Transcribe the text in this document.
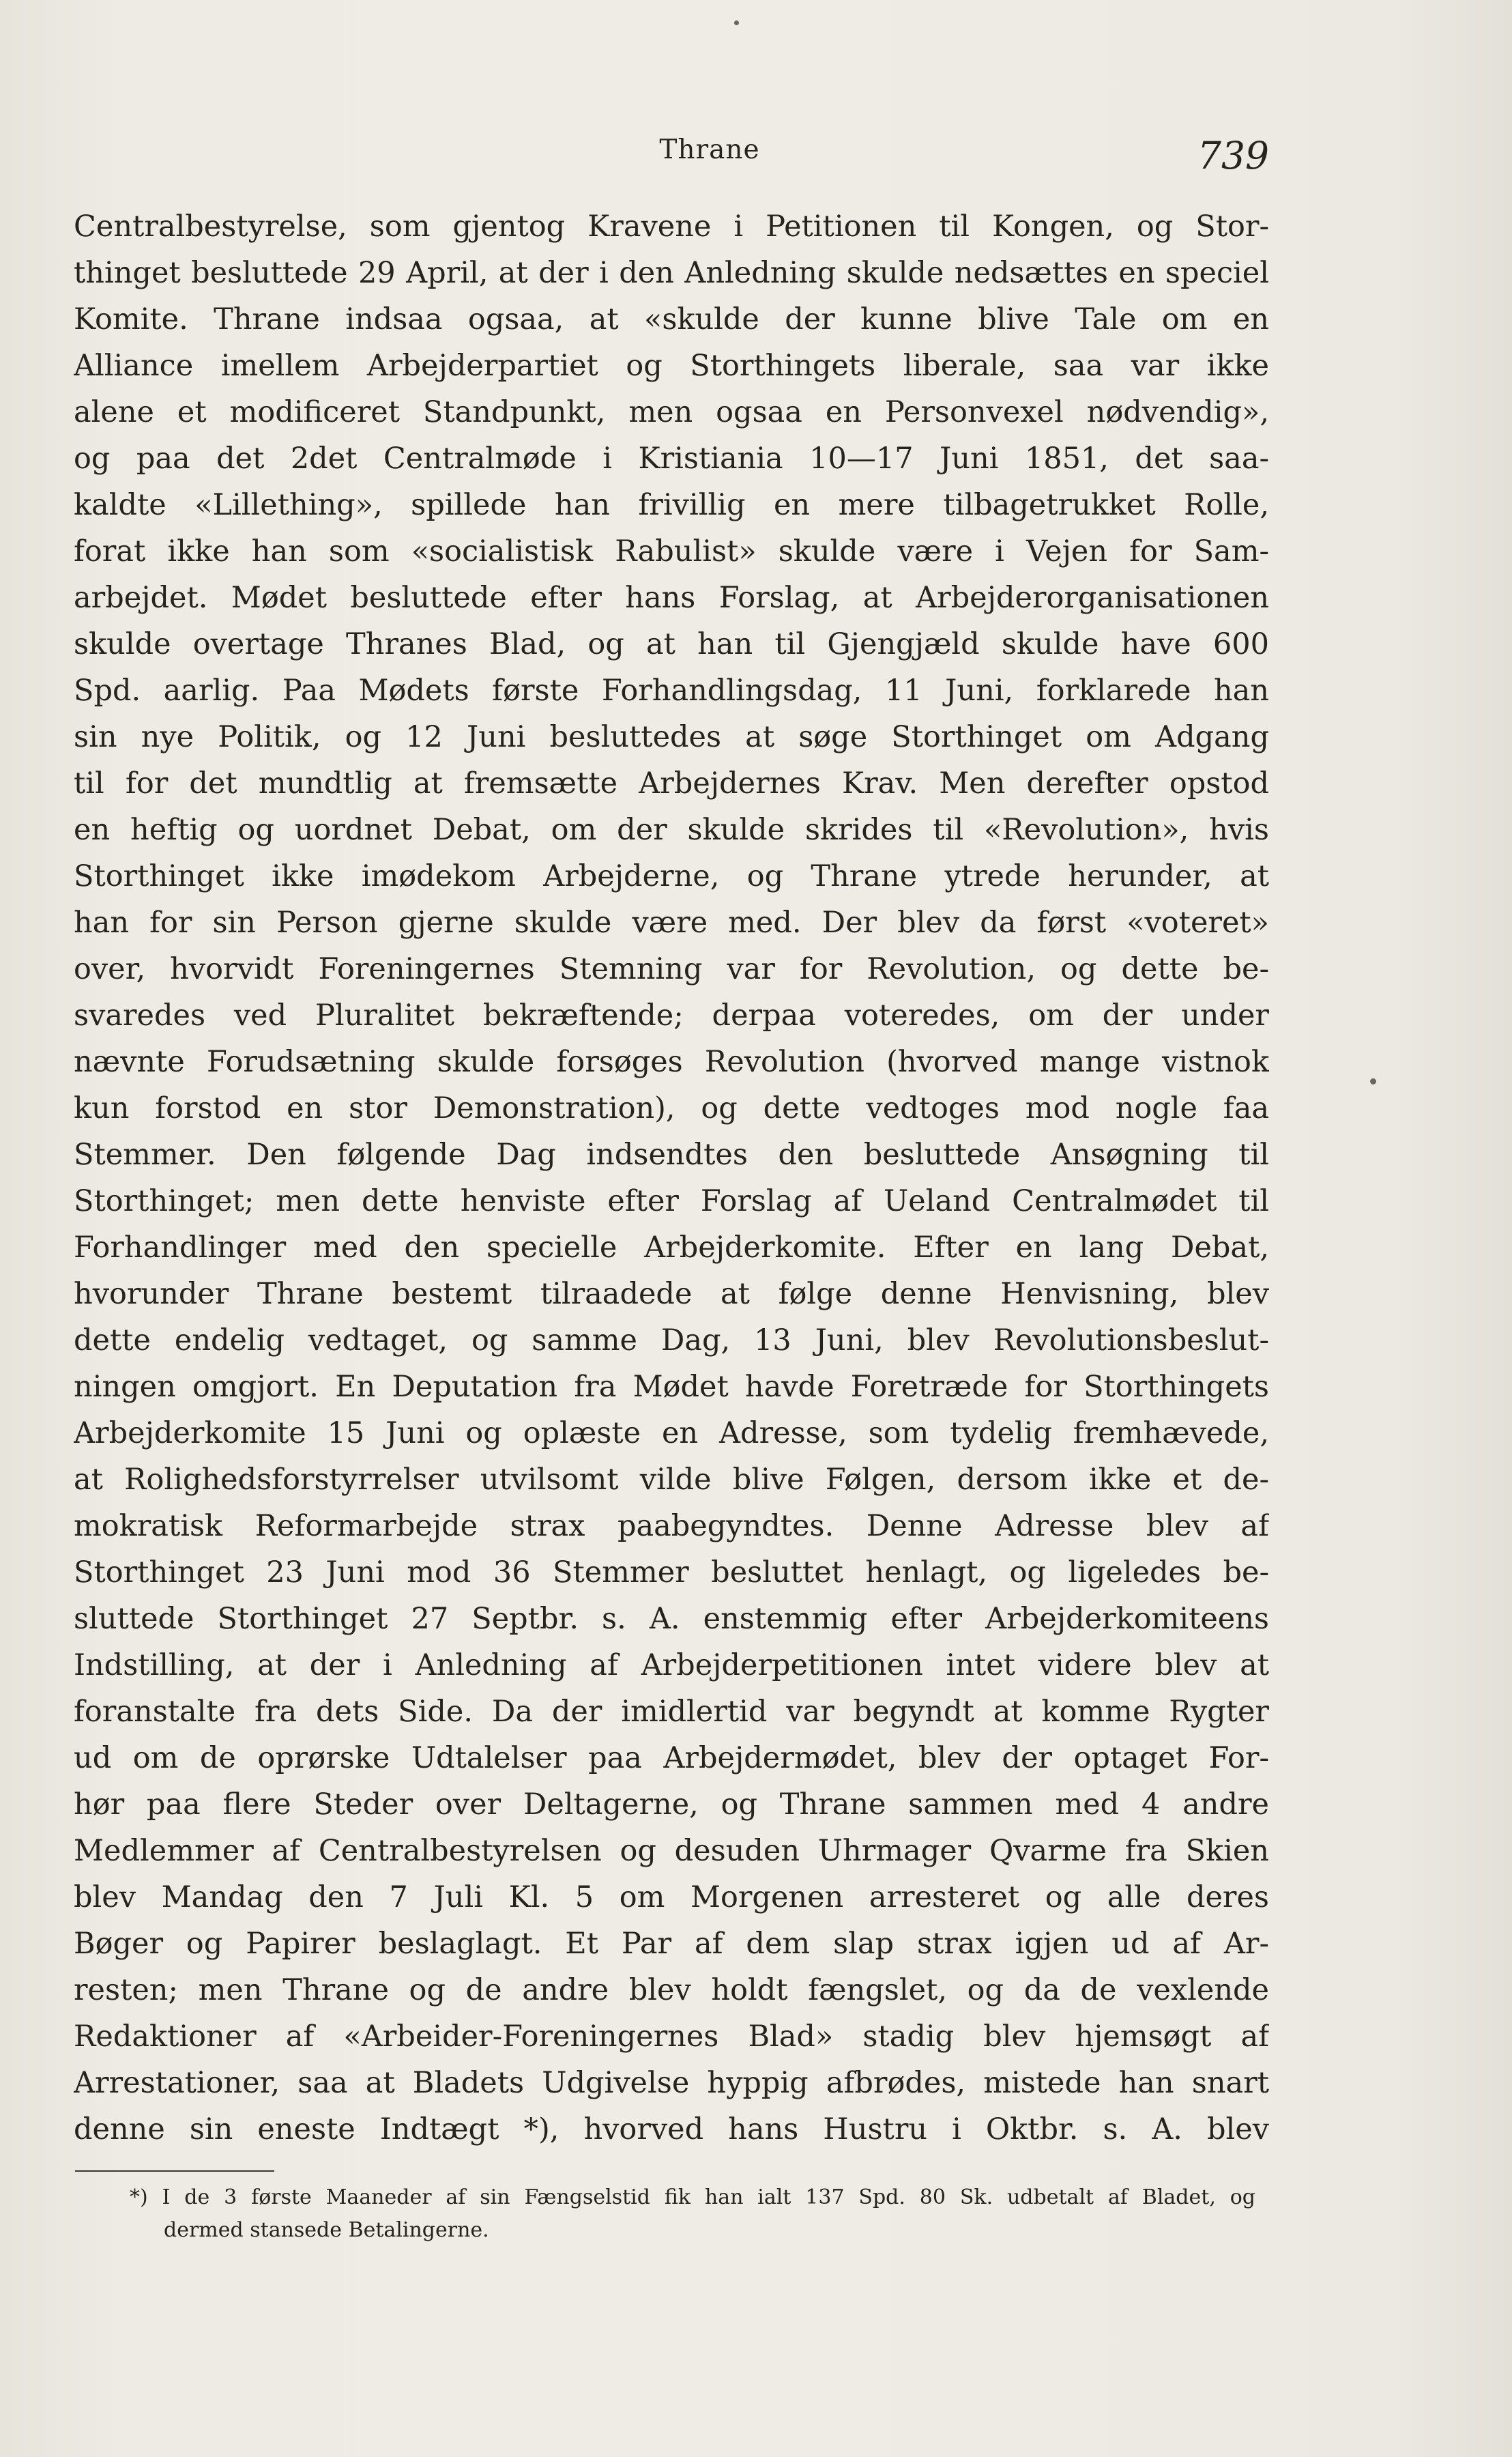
Thrane	739
Centralbestyrelse, som gjentog Kravene i Petitionen til Kongen, og Stor-
thinget besluttede 29 April, at der i den Anledning skulde nedsættes en speciel
Komite. Thrane indsaa ogsaa, at «skulde der kunne blive Tale om en
Alliance imellem Arbejderpartiet og Storthingets liberale, saa var ikke
alene et modificeret Standpunkt, men ogsaa en Personvexel nødvendig»,
og paa det 2det Centralmøde i Kristiania 10—17 Juni 1851, det saa-
kaldte «Lillething», spillede han frivillig en mere tilbagetrukket Rolle,
forat ikke han som «socialistisk Rabulist» skulde være i Vejen for Sam-
arbejdet. Mødet besluttede efter hans Forslag, at Arbejderorganisationen
skulde overtage Thranes Blad, og at han til Gjengjæld skulde have 600
Spd. aarlig. Paa Mødets første Forhandlingsdag, 11 Juni, forklarede han
sin nye Politik, og 12 Juni besluttedes at søge Storthinget om Adgang
til for det mundtlig at fremsætte Arbejdernes Krav. Men derefter opstod
en heftig og uordnet Debat, om der skulde skrides til «Revolution», hvis
Storthinget ikke imødekom Arbejderne, og Thrane ytrede herunder, at
han for sin Person gjerne skulde være med. Der blev da først «voteret»
over, hvorvidt Foreningernes Stemning var for Revolution, og dette be-
svaredes ved Pluralitet bekræftende; derpaa voteredes, om der under
nævnte Forudsætning skulde forsøges Revolution (hvorved mange vistnok
kun forstod en stor Demonstration), og dette vedtoges mod nogle faa
Stemmer. Den følgende Dag indsendtes den besluttede Ansøgning til
Storthinget; men dette henviste efter Forslag af Ueland Centralmødet til
Forhandlinger med den specielle Arbejderkomite. Efter en lang Debat,
hvorunder Thrane bestemt tilraadede at følge denne Henvisning, blev
dette endelig vedtaget, og samme Dag, 13 Juni, blev Revolutionsbeslut-
ningen omgjort. En Deputation fra Mødet havde Foretræde for Storthingets
Arbejderkomite 15 Juni og oplæste en Adresse, som tydelig fremhævede,
at Rolighedsforstyrrelser utvilsomt vilde blive Følgen, dersom ikke et de-
mokratisk Reformarbejde strax paabegyndtes. Denne Adresse blev af
Storthinget 23 Juni mod 36 Stemmer besluttet henlagt, og ligeledes be-
sluttede Storthinget 27 Septbr. s. A. enstemmig efter Arbejderkomiteens
Indstilling, at der i Anledning af Arbejderpetitionen intet videre blev at
foranstalte fra dets Side. Da der imidlertid var begyndt at komme Rygter
ud om de oprørske Udtalelser paa Arbejdermødet, blev der optaget For-
hør paa flere Steder over Deltagerne, og Thrane sammen med 4 andre
Medlemmer af Centralbestyrelsen og desuden Uhrmager Qvarme fra Skien
blev Mandag den 7 Juli Kl. 5 om Morgenen arresteret og alle deres
Bøger og Papirer beslaglagt. Et Par af dem slap strax igjen ud af Ar-
resten; men Thrane og de andre blev holdt fængslet, og da de vexlende
Redaktioner af «Arbeider-Foreningernes Blad» stadig blev hjemsøgt af
Arrestationer, saa at Bladets Udgivelse hyppig afbrødes, mistede han snart
denne sin eneste Indtægt *), hvorved hans Hustru i Oktbr. s. A. blev
*) I de 3 første Maaneder af sin Fængselstid fik han ialt 137 Spd. 80 Sk. udbetalt af Bladet, og
dermed stansede Betalingerne.
